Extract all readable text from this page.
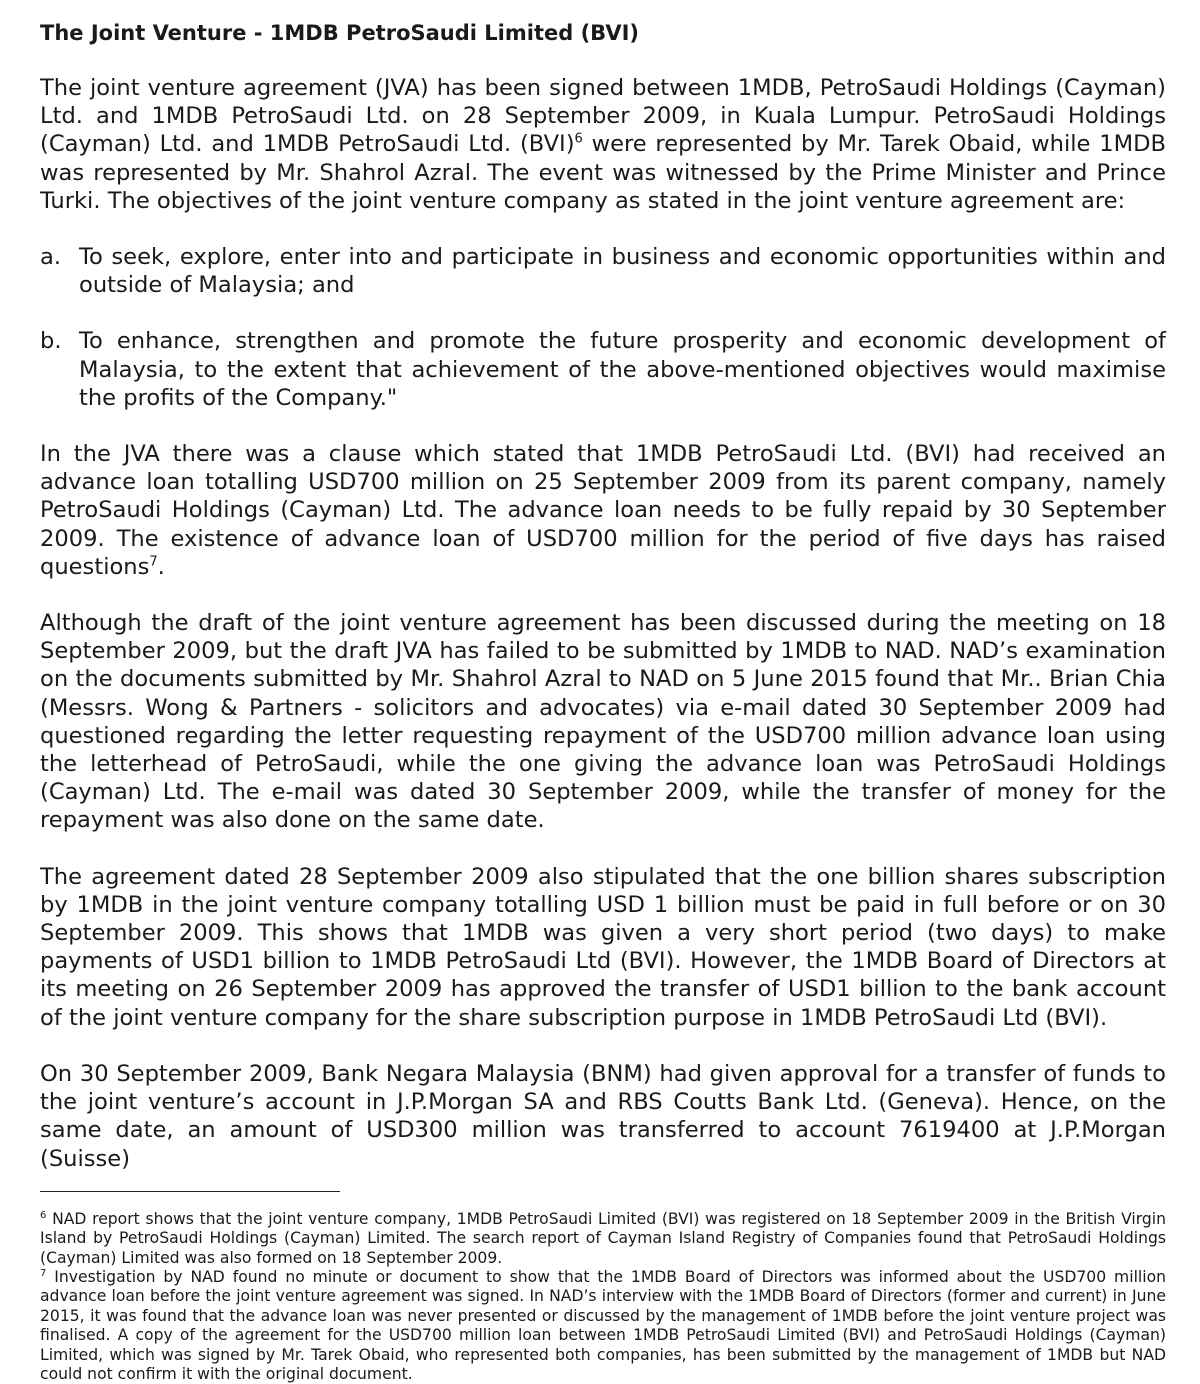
The Joint Venture - 1MDB PetroSaudi Limited (BVI)

The joint venture agreement (JVA) has been signed between 1MDB, PetroSaudi Holdings (Cayman) Ltd. and 1MDB PetroSaudi Ltd. on 28 September 2009, in Kuala Lumpur. PetroSaudi Holdings (Cayman) Ltd. and 1MDB PetroSaudi Ltd. (BVI)$^6$ were represented by Mr. Tarek Obaid, while 1MDB was represented by Mr. Shahrol Azral. The event was witnessed by the Prime Minister and Prince Turki. The objectives of the joint venture company as stated in the joint venture agreement are:

a. To seek, explore, enter into and participate in business and economic opportunities within and outside of Malaysia; and
b. To enhance, strengthen and promote the future prosperity and economic development of Malaysia, to the extent that achievement of the above-mentioned objectives would maximise the profits of the Company."

In the JVA there was a clause which stated that 1MDB PetroSaudi Ltd. (BVI) had received an advance loan totalling USD700 million on 25 September 2009 from its parent company, namely PetroSaudi Holdings (Cayman) Ltd. The advance loan needs to be fully repaid by 30 September 2009. The existence of advance loan of USD700 million for the period of five days has raised questions$^7$.

Although the draft of the joint venture agreement has been discussed during the meeting on 18 September 2009, but the draft JVA has failed to be submitted by 1MDB to NAD. NAD’s examination on the documents submitted by Mr. Shahrol Azral to NAD on 5 June 2015 found that Mr.. Brian Chia (Messrs. Wong & Partners - solicitors and advocates) via e-mail dated 30 September 2009 had questioned regarding the letter requesting repayment of the USD700 million advance loan using the letterhead of PetroSaudi, while the one giving the advance loan was PetroSaudi Holdings (Cayman) Ltd. The e-mail was dated 30 September 2009, while the transfer of money for the repayment was also done on the same date.

The agreement dated 28 September 2009 also stipulated that the one billion shares subscription by 1MDB in the joint venture company totalling USD 1 billion must be paid in full before or on 30 September 2009. This shows that 1MDB was given a very short period (two days) to make payments of USD1 billion to 1MDB PetroSaudi Ltd (BVI). However, the 1MDB Board of Directors at its meeting on 26 September 2009 has approved the transfer of USD1 billion to the bank account of the joint venture company for the share subscription purpose in 1MDB PetroSaudi Ltd (BVI).

On 30 September 2009, Bank Negara Malaysia (BNM) had given approval for a transfer of funds to the joint venture’s account in J.P.Morgan SA and RBS Coutts Bank Ltd. (Geneva). Hence, on the same date, an amount of USD300 million was transferred to account 7619400 at J.P.Morgan (Suisse)

$^6$ NAD report shows that the joint venture company, 1MDB PetroSaudi Limited (BVI) was registered on 18 September 2009 in the British Virgin Island by PetroSaudi Holdings (Cayman) Limited. The search report of Cayman Island Registry of Companies found that PetroSaudi Holdings (Cayman) Limited was also formed on 18 September 2009.

$^7$ Investigation by NAD found no minute or document to show that the 1MDB Board of Directors was informed about the USD700 million advance loan before the joint venture agreement was signed. In NAD’s interview with the 1MDB Board of Directors (former and current) in June 2015, it was found that the advance loan was never presented or discussed by the management of 1MDB before the joint venture project was finalised. A copy of the agreement for the USD700 million loan between 1MDB PetroSaudi Limited (BVI) and PetroSaudi Holdings (Cayman) Limited, which was signed by Mr. Tarek Obaid, who represented both companies, has been submitted by the management of 1MDB but NAD could not confirm it with the original document.
